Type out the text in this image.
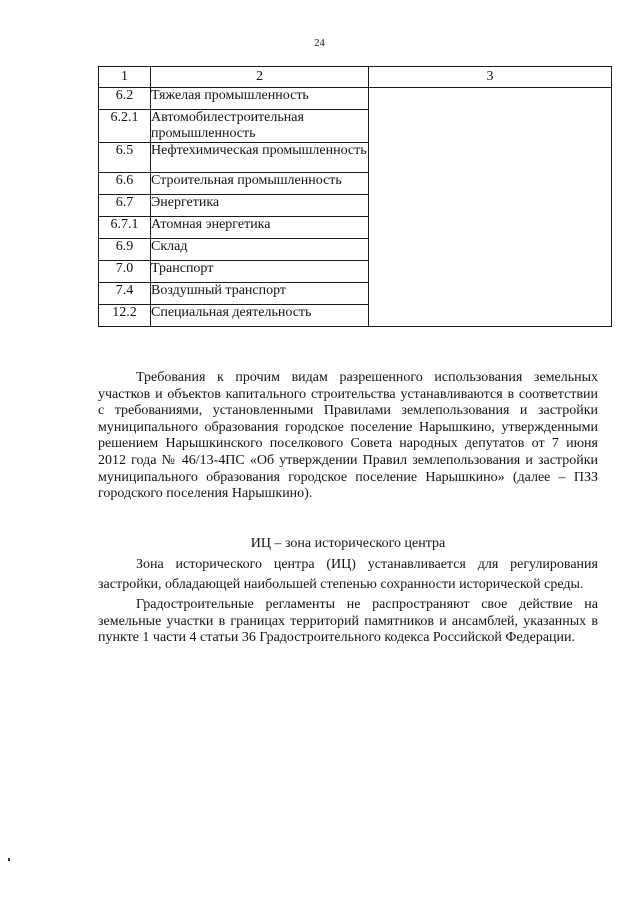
24
1	2	3
6.2	Тяжелая промышленность	
6.2.1	Автомобилестроительная промышленность	
6.5	Нефтехимическая промышленность	
6.6	Строительная промышленность	
6.7	Энергетика	
6.7.1	Атомная энергетика	
6.9	Склад	
7.0	Транспорт	
7.4	Воздушный транспорт	
12.2	Специальная деятельность	

Требования к прочим видам разрешенного использования земельных участков и объектов капитального строительства устанавливаются в соответствии с требованиями, установленными Правилами землепользования и застройки муниципального образования городское поселение Нарышкино, утвержденными решением Нарышкинского поселкового Совета народных депутатов от 7 июня 2012 года № 46/13-4ПС «Об утверждении Правил землепользования и застройки муниципального образования городское поселение Нарышкино» (далее – ПЗЗ городского поселения Нарышкино).

ИЦ – зона исторического центра

Зона исторического центра (ИЦ) устанавливается для регулирования застройки, обладающей наибольшей степенью сохранности исторической среды.

Градостроительные регламенты не распространяют свое действие на земельные участки в границах территорий памятников и ансамблей, указанных в пункте 1 части 4 статьи 36 Градостроительного кодекса Российской Федерации.
